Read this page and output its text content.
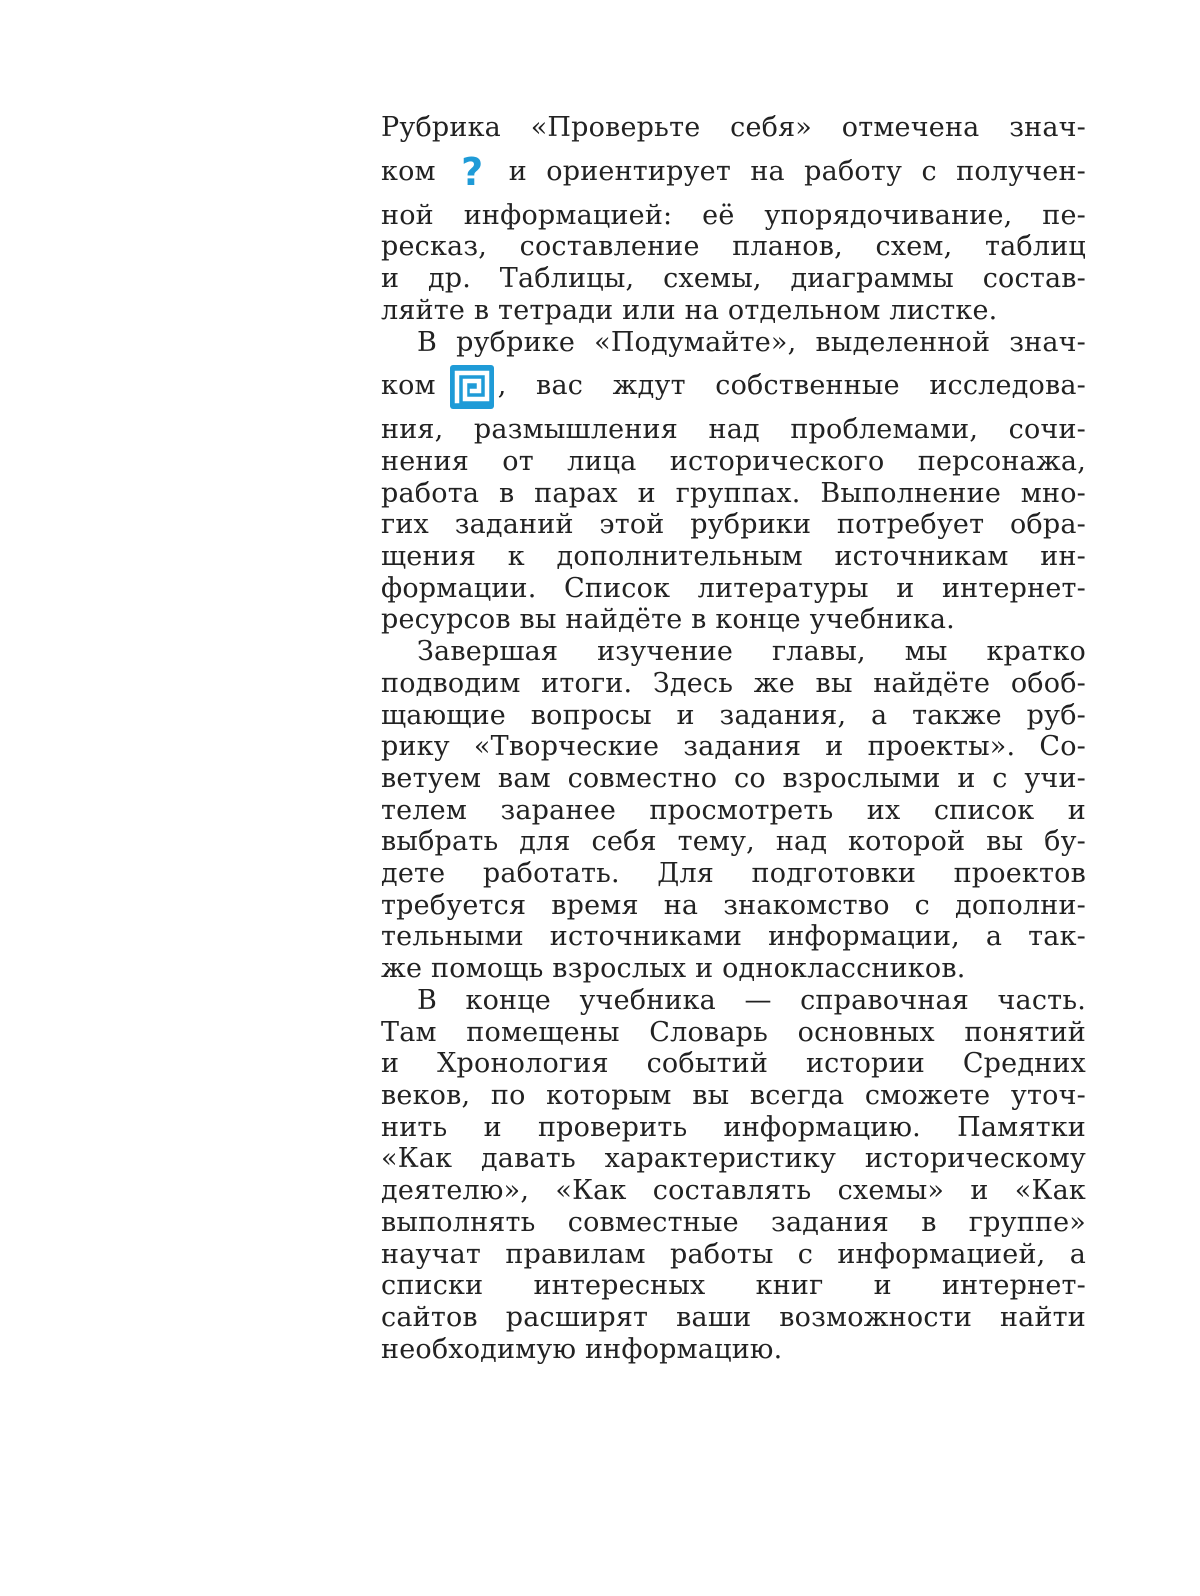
Рубрика «Проверьте себя» отмечена знач-
ком ? и ориентирует на работу с получен-
ной информацией: её упорядочивание, пе-
ресказ, составление планов, схем, таблиц
и др. Таблицы, схемы, диаграммы состав-
ляйте в тетради или на отдельном листке.

В рубрике «Подумайте», выделенной знач-
ком , вас ждут собственные исследова-
ния, размышления над проблемами, сочи-
нения от лица исторического персонажа,
работа в парах и группах. Выполнение мно-
гих заданий этой рубрики потребует обра-
щения к дополнительным источникам ин-
формации. Список литературы и интернет-
ресурсов вы найдёте в конце учебника.

Завершая изучение главы, мы кратко
подводим итоги. Здесь же вы найдёте обоб-
щающие вопросы и задания, а также руб-
рику «Творческие задания и проекты». Со-
ветуем вам совместно со взрослыми и с учи-
телем заранее просмотреть их список и
выбрать для себя тему, над которой вы бу-
дете работать. Для подготовки проектов
требуется время на знакомство с дополни-
тельными источниками информации, а так-
же помощь взрослых и одноклассников.

В конце учебника — справочная часть.
Там помещены Словарь основных понятий
и Хронология событий истории Средних
веков, по которым вы всегда сможете уточ-
нить и проверить информацию. Памятки
«Как давать характеристику историческому
деятелю», «Как составлять схемы» и «Как
выполнять совместные задания в группе»
научат правилам работы с информацией, а
списки интересных книг и интернет-
сайтов расширят ваши возможности найти
необходимую информацию.
